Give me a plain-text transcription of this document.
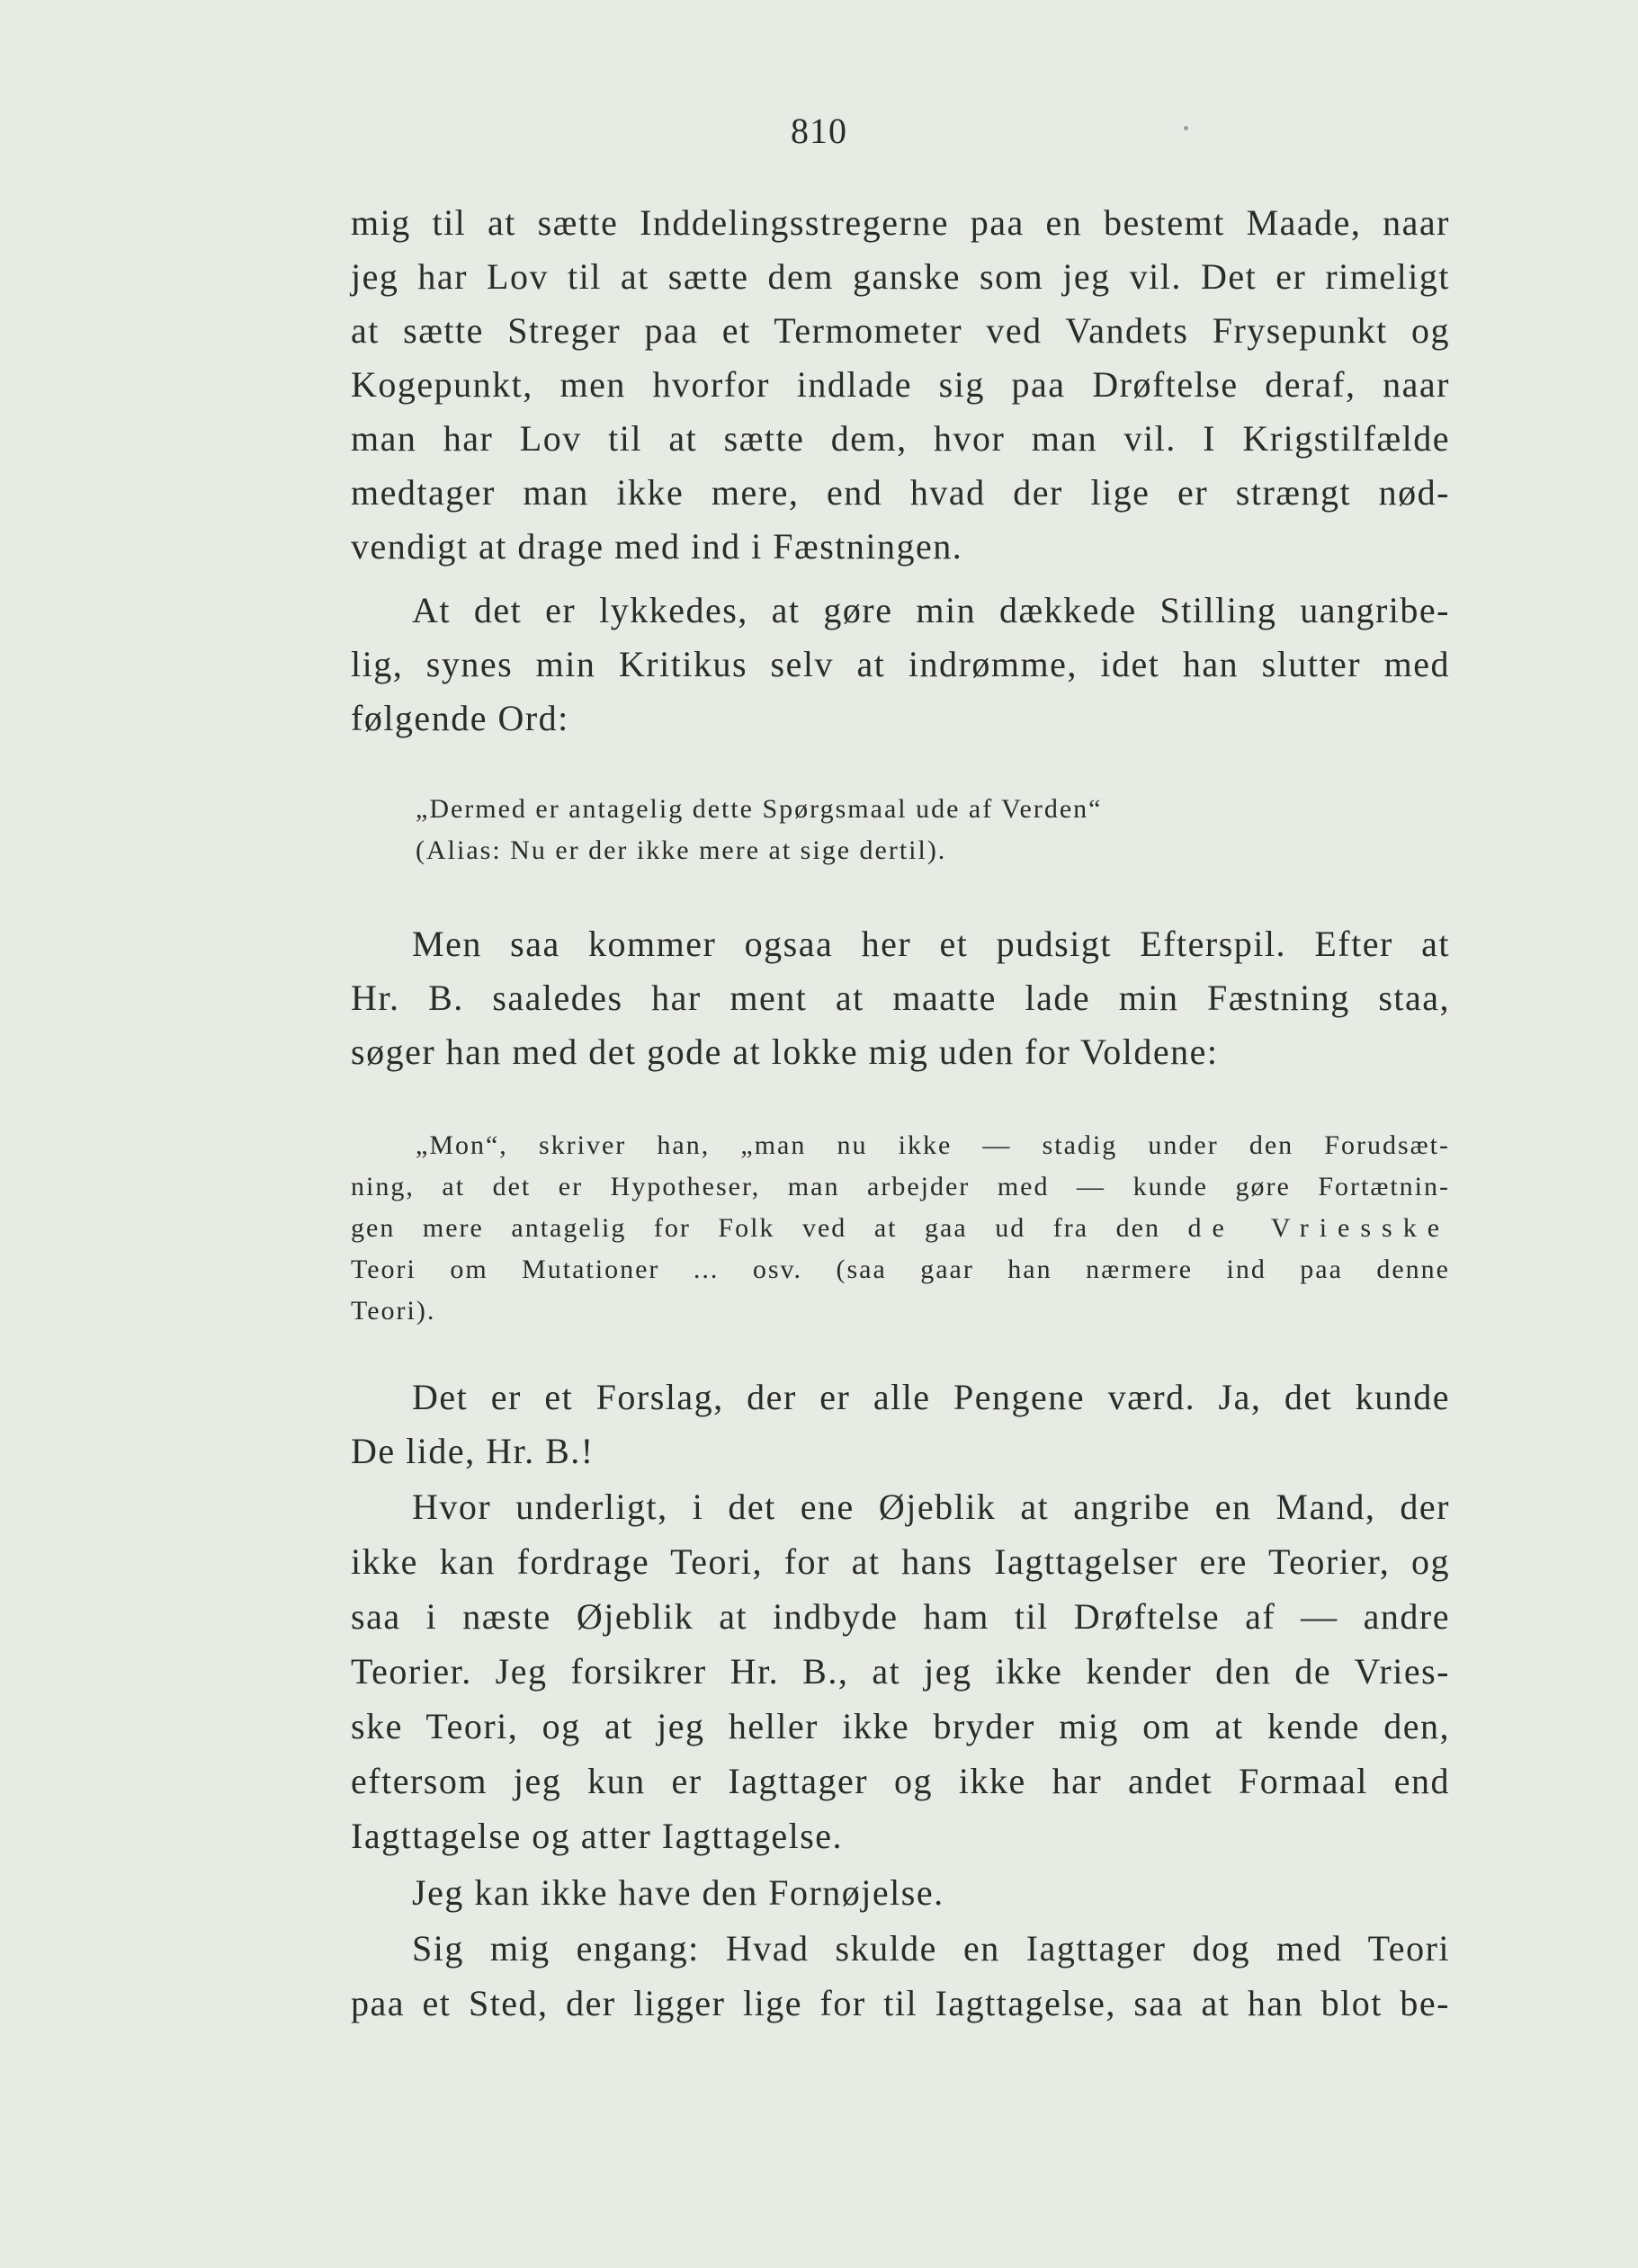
810
mig til at sætte Inddelingsstregerne paa en bestemt Maade, naar
jeg har Lov til at sætte dem ganske som jeg vil. Det er rimeligt
at sætte Streger paa et Termometer ved Vandets Frysepunkt og
Kogepunkt, men hvorfor indlade sig paa Drøftelse deraf, naar
man har Lov til at sætte dem, hvor man vil. I Krigstilfælde
medtager man ikke mere, end hvad der lige er strængt nød-
vendigt at drage med ind i Fæstningen.
At det er lykkedes, at gøre min dækkede Stilling uangribe-
lig, synes min Kritikus selv at indrømme, idet han slutter med
følgende Ord:
„Dermed er antagelig dette Spørgsmaal ude af Verden“
(Alias: Nu er der ikke mere at sige dertil).
Men saa kommer ogsaa her et pudsigt Efterspil. Efter at
Hr. B. saaledes har ment at maatte lade min Fæstning staa,
søger han med det gode at lokke mig uden for Voldene:
„Mon“, skriver han, „man nu ikke — stadig under den Forudsæt-
ning, at det er Hypotheser, man arbejder med — kunde gøre Fortætnin-
gen mere antagelig for Folk ved at gaa ud fra den de Vriesske
Teori om Mutationer ... osv. (saa gaar han nærmere ind paa denne
Teori).
Det er et Forslag, der er alle Pengene værd. Ja, det kunde
De lide, Hr. B.!
Hvor underligt, i det ene Øjeblik at angribe en Mand, der
ikke kan fordrage Teori, for at hans Iagttagelser ere Teorier, og
saa i næste Øjeblik at indbyde ham til Drøftelse af — andre
Teorier. Jeg forsikrer Hr. B., at jeg ikke kender den de Vries-
ske Teori, og at jeg heller ikke bryder mig om at kende den,
eftersom jeg kun er Iagttager og ikke har andet Formaal end
Iagttagelse og atter Iagttagelse.
Jeg kan ikke have den Fornøjelse.
Sig mig engang: Hvad skulde en Iagttager dog med Teori
paa et Sted, der ligger lige for til Iagttagelse, saa at han blot be-
